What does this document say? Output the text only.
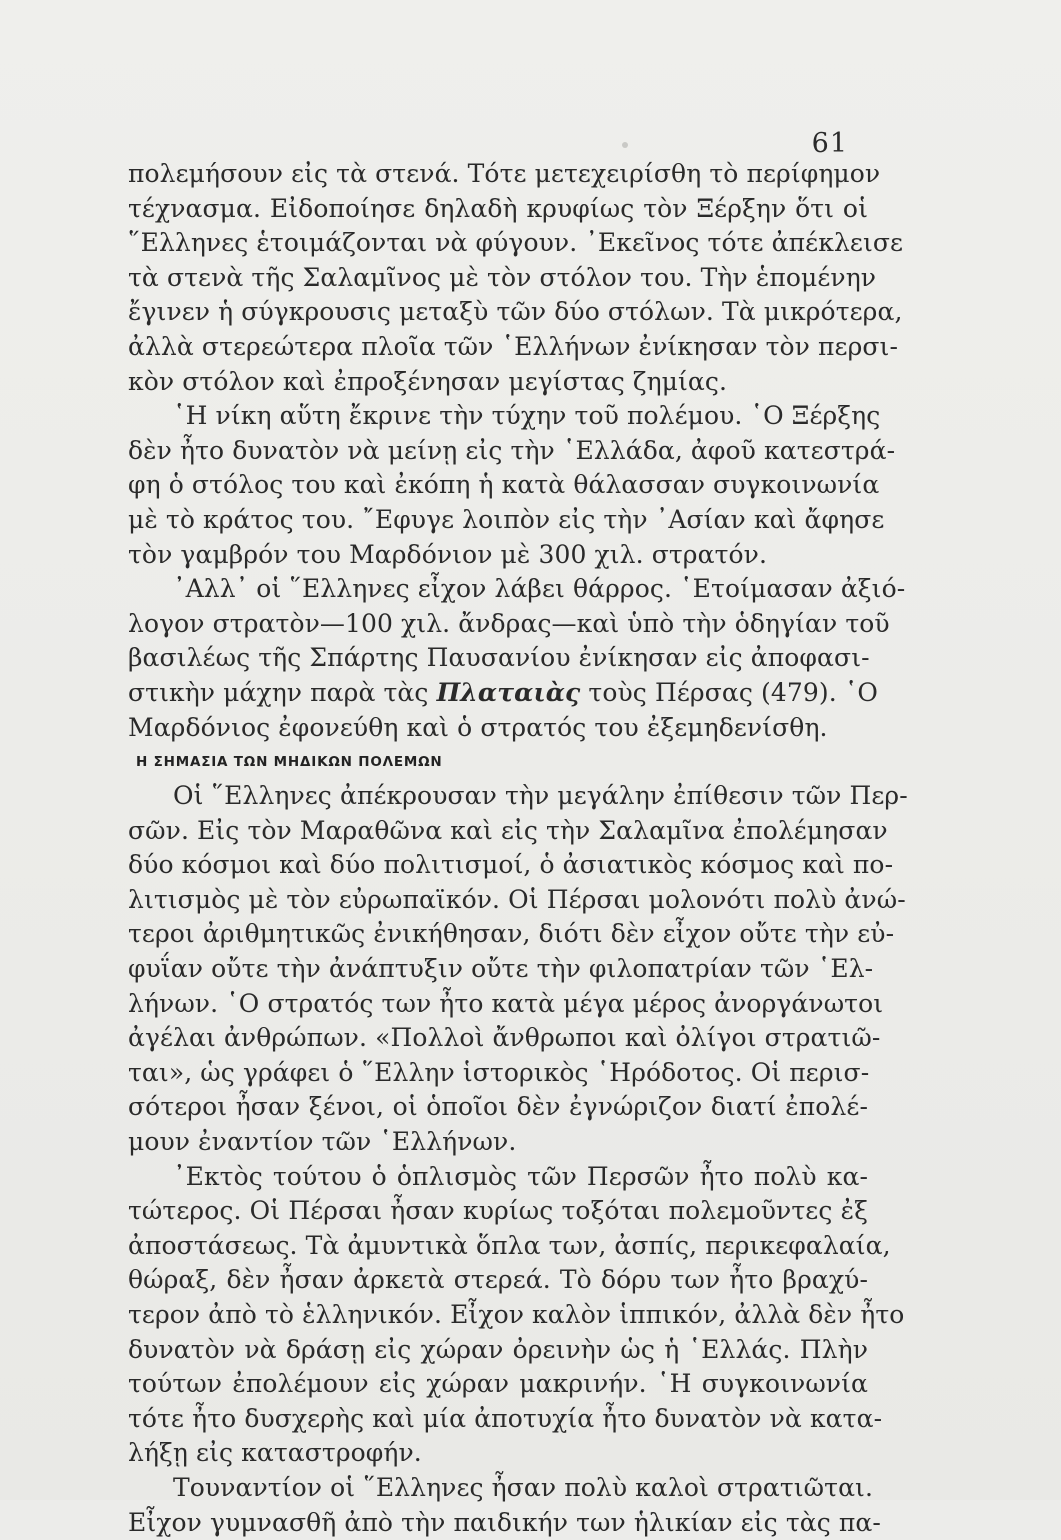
61
πολεμήσουν εἰς τὰ στενά. Τότε μετεχειρίσθη τὸ περίφημον
τέχνασμα. Εἰδοποίησε δηλαδὴ κρυφίως τὸν Ξέρξην ὅτι οἱ
῞Ελληνες ἑτοιμάζονται νὰ φύγουν. ᾿Εκεῖνος τότε ἀπέκλεισε
τὰ στενὰ τῆς Σαλαμῖνος μὲ τὸν στόλον του. Τὴν ἑπομένην
ἔγινεν ἡ σύγκρουσις μεταξὺ τῶν δύο στόλων. Τὰ μικρότερα,
ἀλλὰ στερεώτερα πλοῖα τῶν ῾Ελλήνων ἐνίκησαν τὸν περσι-
κὸν στόλον καὶ ἐπροξένησαν μεγίστας ζημίας.
῾Η νίκη αὕτη ἔκρινε τὴν τύχην τοῦ πολέμου. ῾Ο Ξέρξης
δὲν ἦτο δυνατὸν νὰ μείνῃ εἰς τὴν ῾Ελλάδα, ἀφοῦ κατεστρά-
φη ὁ στόλος του καὶ ἐκόπη ἡ κατὰ θάλασσαν συγκοινωνία
μὲ τὸ κράτος του. ῎Εφυγε λοιπὸν εἰς τὴν ᾿Ασίαν καὶ ἄφησε
τὸν γαμβρόν του Μαρδόνιον μὲ 300 χιλ. στρατόν.
᾿Αλλ᾿ οἱ ῞Ελληνες εἶχον λάβει θάρρος. ῾Ετοίμασαν ἀξιό-
λογον στρατὸν—100 χιλ. ἄνδρας—καὶ ὑπὸ τὴν ὁδηγίαν τοῦ
βασιλέως τῆς Σπάρτης Παυσανίου ἐνίκησαν εἰς ἀποφασι-
στικὴν μάχην παρὰ τὰς Πλαταιὰς τοὺς Πέρσας (479). ῾Ο
Μαρδόνιος ἐφονεύθη καὶ ὁ στρατός του ἐξεμηδενίσθη.
Η ΣΗΜΑΣΙΑ ΤΩΝ ΜΗΔΙΚΩΝ ΠΟΛΕΜΩΝ
Οἱ ῞Ελληνες ἀπέκρουσαν τὴν μεγάλην ἐπίθεσιν τῶν Περ-
σῶν. Εἰς τὸν Μαραθῶνα καὶ εἰς τὴν Σαλαμῖνα ἐπολέμησαν
δύο κόσμοι καὶ δύο πολιτισμοί, ὁ ἀσιατικὸς κόσμος καὶ πο-
λιτισμὸς μὲ τὸν εὐρωπαϊκόν. Οἱ Πέρσαι μολονότι πολὺ ἀνώ-
τεροι ἀριθμητικῶς ἐνικήθησαν, διότι δὲν εἶχον οὔτε τὴν εὐ-
φυΐαν οὔτε τὴν ἀνάπτυξιν οὔτε τὴν φιλοπατρίαν τῶν ῾Ελ-
λήνων. ῾Ο στρατός των ἦτο κατὰ μέγα μέρος ἀνοργάνωτοι
ἀγέλαι ἀνθρώπων. «Πολλοὶ ἄνθρωποι καὶ ὀλίγοι στρατιῶ-
ται», ὡς γράφει ὁ ῞Ελλην ἱστορικὸς ῾Ηρόδοτος. Οἱ περισ-
σότεροι ἦσαν ξένοι, οἱ ὁποῖοι δὲν ἐγνώριζον διατί ἐπολέ-
μουν ἐναντίον τῶν ῾Ελλήνων.
᾿Εκτὸς τούτου ὁ ὁπλισμὸς τῶν Περσῶν ἦτο πολὺ κα-
τώτερος. Οἱ Πέρσαι ἦσαν κυρίως τοξόται πολεμοῦντες ἐξ
ἀποστάσεως. Τὰ ἀμυντικὰ ὅπλα των, ἀσπίς, περικεφαλαία,
θώραξ, δὲν ἦσαν ἀρκετὰ στερεά. Τὸ δόρυ των ἦτο βραχύ-
τερον ἀπὸ τὸ ἑλληνικόν. Εἶχον καλὸν ἱππικόν, ἀλλὰ δὲν ἦτο
δυνατὸν νὰ δράσῃ εἰς χώραν ὀρεινὴν ὡς ἡ ῾Ελλάς. Πλὴν
τούτων ἐπολέμουν εἰς χώραν μακρινήν. ῾Η συγκοινωνία
τότε ἦτο δυσχερὴς καὶ μία ἀποτυχία ἦτο δυνατὸν νὰ κατα-
λήξῃ εἰς καταστροφήν.
Τουναντίον οἱ ῞Ελληνες ἦσαν πολὺ καλοὶ στρατιῶται.
Εἶχον γυμνασθῆ ἀπὸ τὴν παιδικήν των ἡλικίαν εἰς τὰς πα-
